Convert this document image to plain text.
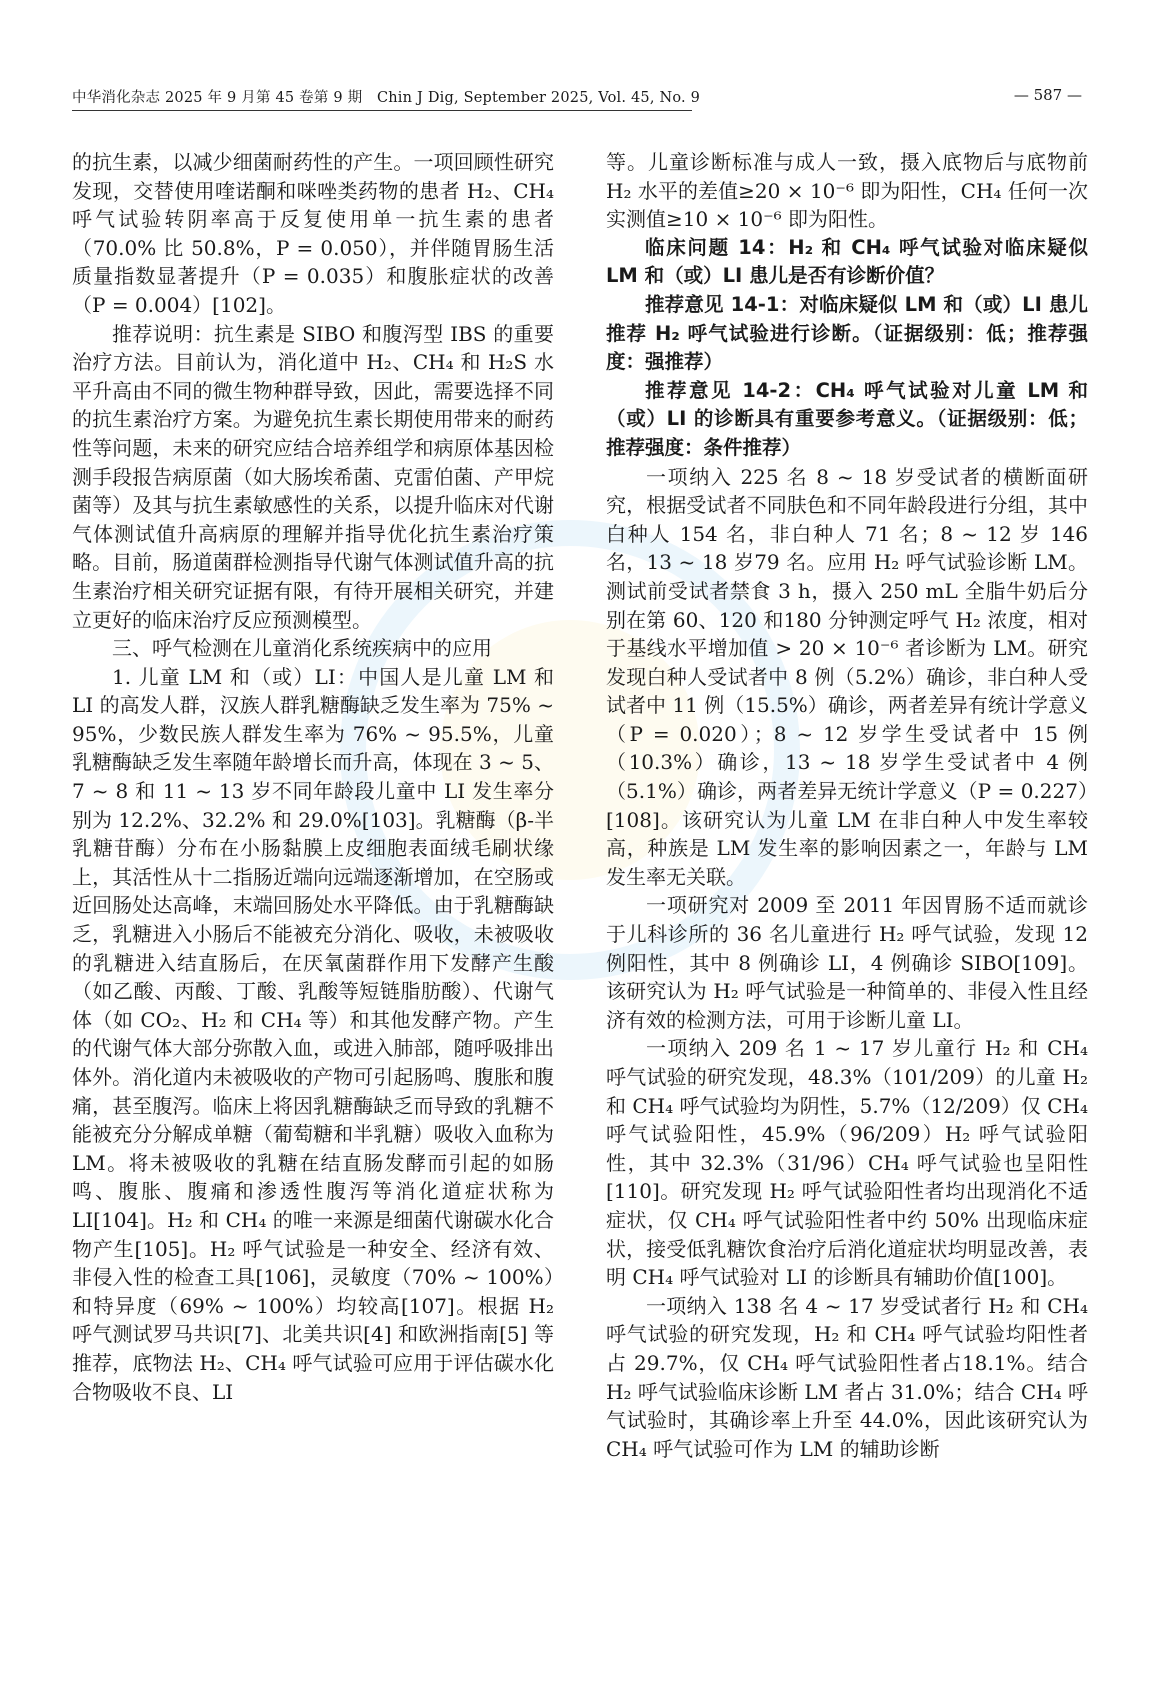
中华消化杂志 2025 年 9 月第 45 卷第 9 期　Chin J Dig, September 2025, Vol. 45, No. 9	— 587 —

的抗生素，以减少细菌耐药性的产生。一项回顾性研究发现，交替使用喹诺酮和咪唑类药物的患者 H₂、CH₄ 呼气试验转阴率高于反复使用单一抗生素的患者（70.0% 比 50.8%，P = 0.050），并伴随胃肠生活质量指数显著提升（P = 0.035）和腹胀症状的改善（P = 0.004）[102]。

推荐说明：抗生素是 SIBO 和腹泻型 IBS 的重要治疗方法。目前认为，消化道中 H₂、CH₄ 和 H₂S 水平升高由不同的微生物种群导致，因此，需要选择不同的抗生素治疗方案。为避免抗生素长期使用带来的耐药性等问题，未来的研究应结合培养组学和病原体基因检测手段报告病原菌（如大肠埃希菌、克雷伯菌、产甲烷菌等）及其与抗生素敏感性的关系，以提升临床对代谢气体测试值升高病原的理解并指导优化抗生素治疗策略。目前，肠道菌群检测指导代谢气体测试值升高的抗生素治疗相关研究证据有限，有待开展相关研究，并建立更好的临床治疗反应预测模型。

三、呼气检测在儿童消化系统疾病中的应用

1. 儿童 LM 和（或）LI：中国人是儿童 LM 和 LI 的高发人群，汉族人群乳糖酶缺乏发生率为 75% ~ 95%，少数民族人群发生率为 76% ~ 95.5%，儿童乳糖酶缺乏发生率随年龄增长而升高，体现在 3 ~ 5、7 ~ 8 和 11 ~ 13 岁不同年龄段儿童中 LI 发生率分别为 12.2%、32.2% 和 29.0%[103]。乳糖酶（β-半乳糖苷酶）分布在小肠黏膜上皮细胞表面绒毛刷状缘上，其活性从十二指肠近端向远端逐渐增加，在空肠或近回肠处达高峰，末端回肠处水平降低。由于乳糖酶缺乏，乳糖进入小肠后不能被充分消化、吸收，未被吸收的乳糖进入结直肠后，在厌氧菌群作用下发酵产生酸（如乙酸、丙酸、丁酸、乳酸等短链脂肪酸）、代谢气体（如 CO₂、H₂ 和 CH₄ 等）和其他发酵产物。产生的代谢气体大部分弥散入血，或进入肺部，随呼吸排出体外。消化道内未被吸收的产物可引起肠鸣、腹胀和腹痛，甚至腹泻。临床上将因乳糖酶缺乏而导致的乳糖不能被充分分解成单糖（葡萄糖和半乳糖）吸收入血称为 LM。将未被吸收的乳糖在结直肠发酵而引起的如肠鸣、腹胀、腹痛和渗透性腹泻等消化道症状称为 LI[104]。H₂ 和 CH₄ 的唯一来源是细菌代谢碳水化合物产生[105]。H₂ 呼气试验是一种安全、经济有效、非侵入性的检查工具[106]，灵敏度（70% ~ 100%）和特异度（69% ~ 100%）均较高[107]。根据 H₂ 呼气测试罗马共识[7]、北美共识[4] 和欧洲指南[5] 等推荐，底物法 H₂、CH₄ 呼气试验可应用于评估碳水化合物吸收不良、LI

等。儿童诊断标准与成人一致，摄入底物后与底物前 H₂ 水平的差值≥20 × 10⁻⁶ 即为阳性，CH₄ 任何一次实测值≥10 × 10⁻⁶ 即为阳性。

临床问题 14：H₂ 和 CH₄ 呼气试验对临床疑似 LM 和（或）LI 患儿是否有诊断价值？

推荐意见 14-1：对临床疑似 LM 和（或）LI 患儿推荐 H₂ 呼气试验进行诊断。（证据级别：低；推荐强度：强推荐）

推荐意见 14-2：CH₄ 呼气试验对儿童 LM 和（或）LI 的诊断具有重要参考意义。（证据级别：低；推荐强度：条件推荐）

一项纳入 225 名 8 ~ 18 岁受试者的横断面研究，根据受试者不同肤色和不同年龄段进行分组，其中白种人 154 名，非白种人 71 名；8 ~ 12 岁 146 名，13 ~ 18 岁79 名。应用 H₂ 呼气试验诊断 LM。测试前受试者禁食 3 h，摄入 250 mL 全脂牛奶后分别在第 60、120 和180 分钟测定呼气 H₂ 浓度，相对于基线水平增加值 > 20 × 10⁻⁶ 者诊断为 LM。研究发现白种人受试者中 8 例（5.2%）确诊，非白种人受试者中 11 例（15.5%）确诊，两者差异有统计学意义（P = 0.020）；8 ~ 12 岁学生受试者中 15 例（10.3%）确诊，13 ~ 18 岁学生受试者中 4 例（5.1%）确诊，两者差异无统计学意义（P = 0.227）[108]。该研究认为儿童 LM 在非白种人中发生率较高，种族是 LM 发生率的影响因素之一，年龄与 LM 发生率无关联。

一项研究对 2009 至 2011 年因胃肠不适而就诊于儿科诊所的 36 名儿童进行 H₂ 呼气试验，发现 12 例阳性，其中 8 例确诊 LI，4 例确诊 SIBO[109]。该研究认为 H₂ 呼气试验是一种简单的、非侵入性且经济有效的检测方法，可用于诊断儿童 LI。

一项纳入 209 名 1 ~ 17 岁儿童行 H₂ 和 CH₄ 呼气试验的研究发现，48.3%（101/209）的儿童 H₂ 和 CH₄ 呼气试验均为阴性，5.7%（12/209）仅 CH₄ 呼气试验阳性，45.9%（96/209）H₂ 呼气试验阳性，其中 32.3%（31/96）CH₄ 呼气试验也呈阳性[110]。研究发现 H₂ 呼气试验阳性者均出现消化不适症状，仅 CH₄ 呼气试验阳性者中约 50% 出现临床症状，接受低乳糖饮食治疗后消化道症状均明显改善，表明 CH₄ 呼气试验对 LI 的诊断具有辅助价值[100]。

一项纳入 138 名 4 ~ 17 岁受试者行 H₂ 和 CH₄ 呼气试验的研究发现，H₂ 和 CH₄ 呼气试验均阳性者占 29.7%，仅 CH₄ 呼气试验阳性者占18.1%。结合 H₂ 呼气试验临床诊断 LM 者占 31.0%；结合 CH₄ 呼气试验时，其确诊率上升至 44.0%，因此该研究认为 CH₄ 呼气试验可作为 LM 的辅助诊断
